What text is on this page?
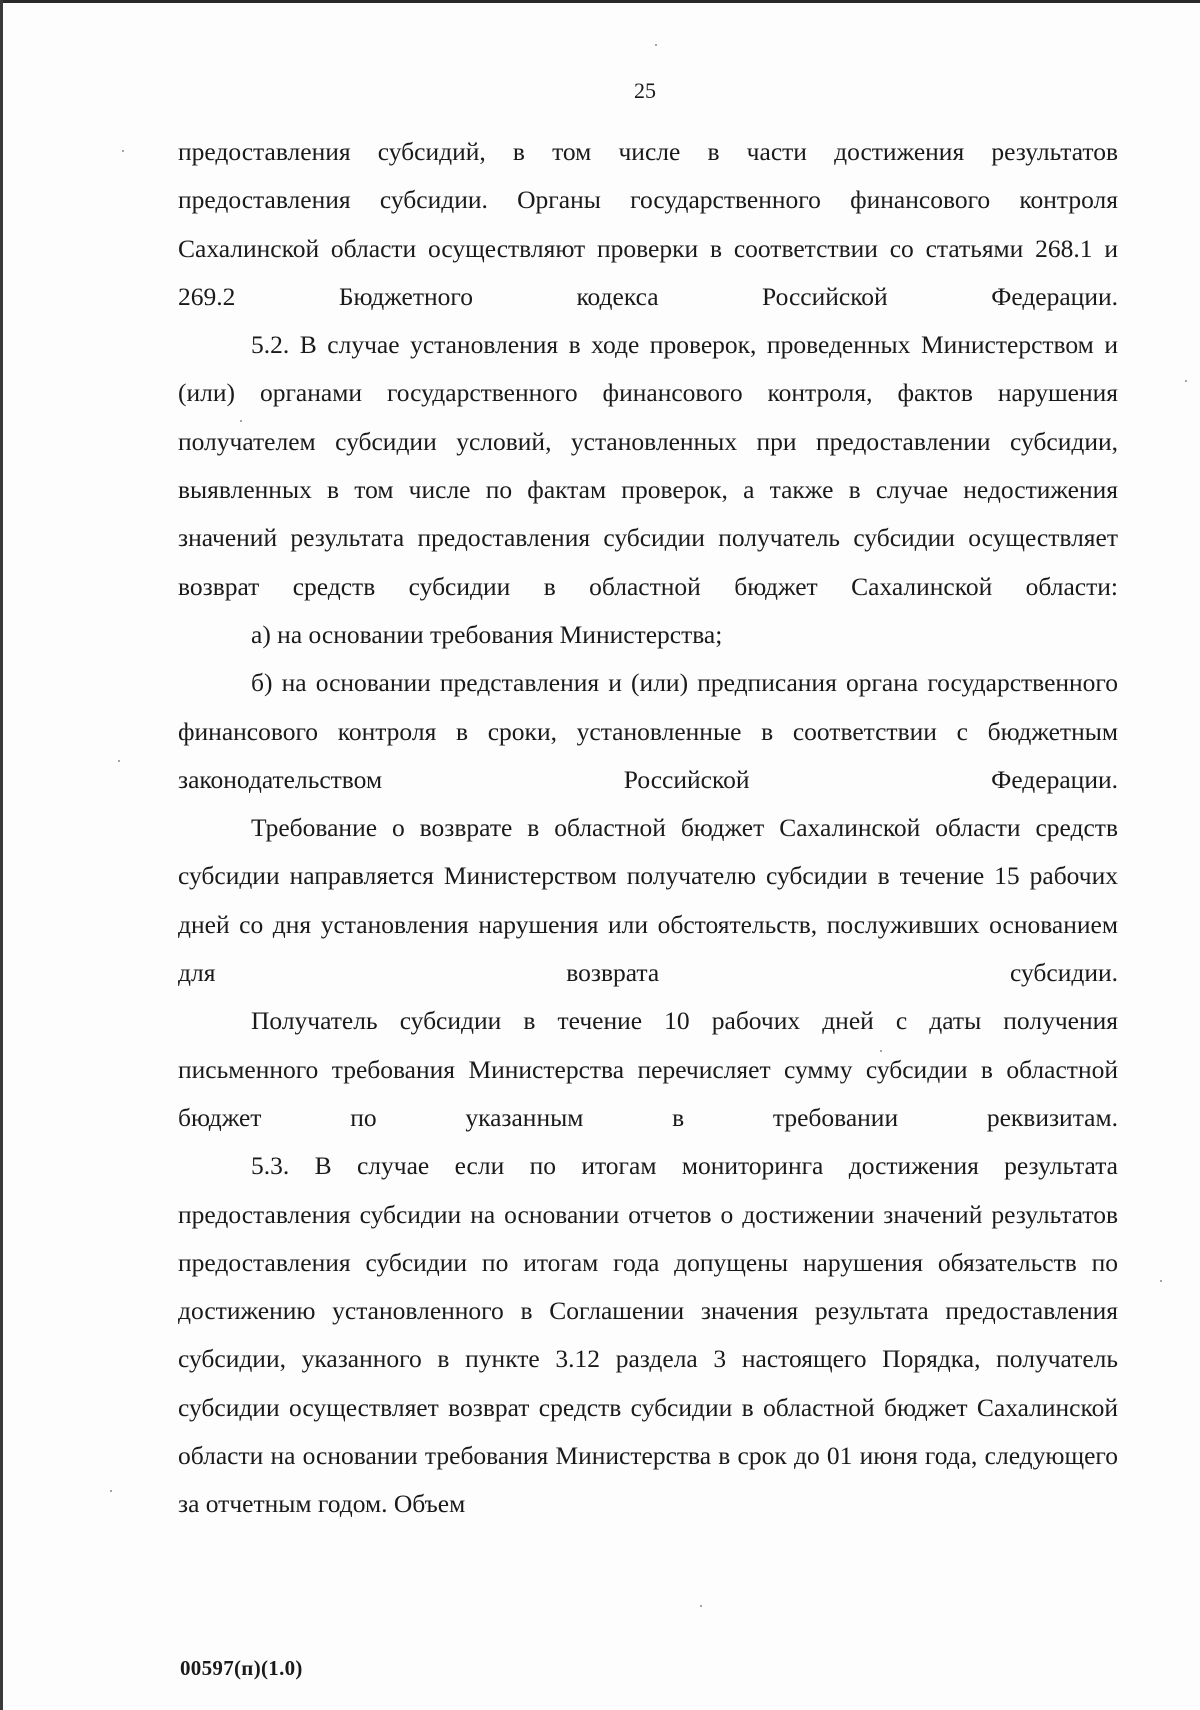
25

предоставления субсидий, в том числе в части достижения результатов предоставления субсидии. Органы государственного финансового контроля Сахалинской области осуществляют проверки в соответствии со статьями 268.1 и 269.2 Бюджетного кодекса Российской Федерации.

5.2. В случае установления в ходе проверок, проведенных Министерством и (или) органами государственного финансового контроля, фактов нарушения получателем субсидии условий, установленных при предоставлении субсидии, выявленных в том числе по фактам проверок, а также в случае недостижения значений результата предоставления субсидии получатель субсидии осуществляет возврат средств субсидии в областной бюджет Сахалинской области:

а) на основании требования Министерства;

б) на основании представления и (или) предписания органа государственного финансового контроля в сроки, установленные в соответствии с бюджетным законодательством Российской Федерации.

Требование о возврате в областной бюджет Сахалинской области средств субсидии направляется Министерством получателю субсидии в течение 15 рабочих дней со дня установления нарушения или обстоятельств, послуживших основанием для возврата субсидии.

Получатель субсидии в течение 10 рабочих дней с даты получения письменного требования Министерства перечисляет сумму субсидии в областной бюджет по указанным в требовании реквизитам.

5.3. В случае если по итогам мониторинга достижения результата предоставления субсидии на основании отчетов о достижении значений результатов предоставления субсидии по итогам года допущены нарушения обязательств по достижению установленного в Соглашении значения результата предоставления субсидии, указанного в пункте 3.12 раздела 3 настоящего Порядка, получатель субсидии осуществляет возврат средств субсидии в областной бюджет Сахалинской области на основании требования Министерства в срок до 01 июня года, следующего за отчетным годом. Объем

00597(п)(1.0)
